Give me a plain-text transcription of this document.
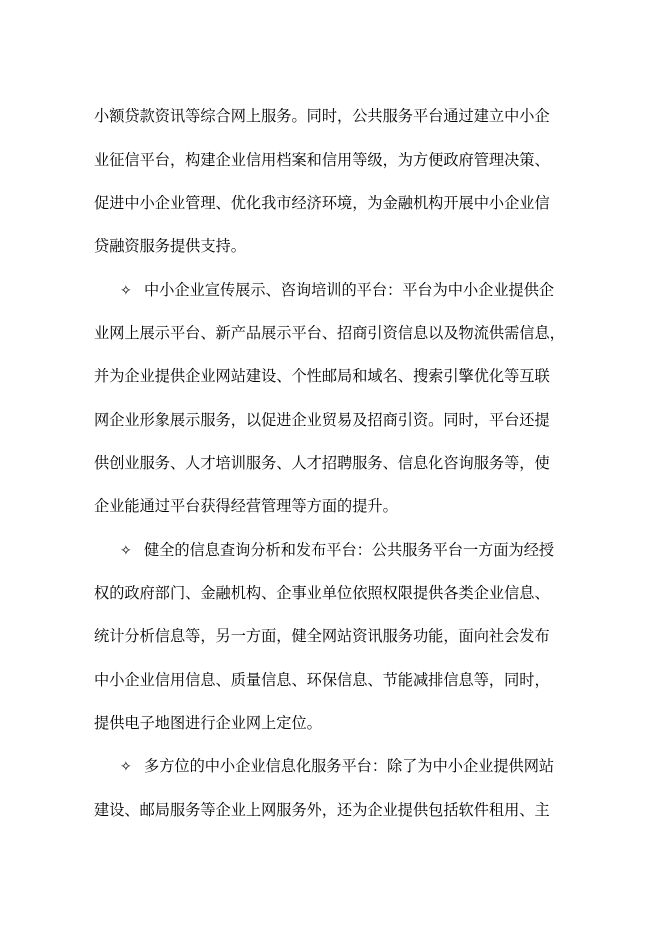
小额贷款资讯等综合网上服务。同时，公共服务平台通过建立中小企
业征信平台，构建企业信用档案和信用等级，为方便政府管理决策、
促进中小企业管理、优化我市经济环境，为金融机构开展中小企业信
贷融资服务提供支持。
✧ 中小企业宣传展示、咨询培训的平台：平台为中小企业提供企
业网上展示平台、新产品展示平台、招商引资信息以及物流供需信息，
并为企业提供企业网站建设、个性邮局和域名、搜索引擎优化等互联
网企业形象展示服务，以促进企业贸易及招商引资。同时，平台还提
供创业服务、人才培训服务、人才招聘服务、信息化咨询服务等，使
企业能通过平台获得经营管理等方面的提升。
✧ 健全的信息查询分析和发布平台：公共服务平台一方面为经授
权的政府部门、金融机构、企事业单位依照权限提供各类企业信息、
统计分析信息等，另一方面，健全网站资讯服务功能，面向社会发布
中小企业信用信息、质量信息、环保信息、节能减排信息等，同时，
提供电子地图进行企业网上定位。
✧ 多方位的中小企业信息化服务平台：除了为中小企业提供网站
建设、邮局服务等企业上网服务外，还为企业提供包括软件租用、主
